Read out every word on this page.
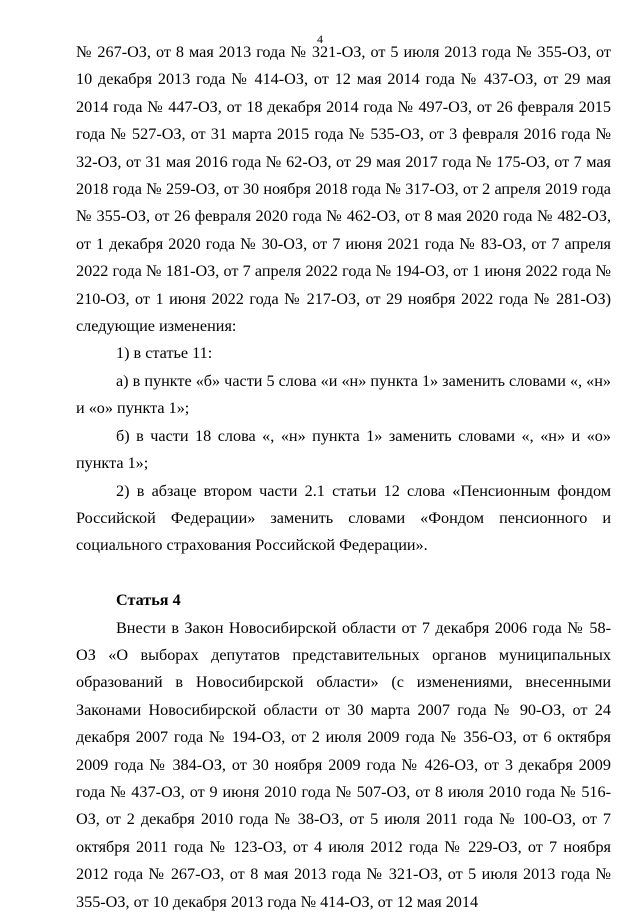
4

№ 267-ОЗ, от 8 мая 2013 года № 321-ОЗ, от 5 июля 2013 года № 355-ОЗ, от 10 декабря 2013 года № 414-ОЗ, от 12 мая 2014 года № 437-ОЗ, от 29 мая 2014 года № 447-ОЗ, от 18 декабря 2014 года № 497-ОЗ, от 26 февраля 2015 года № 527-ОЗ, от 31 марта 2015 года № 535-ОЗ, от 3 февраля 2016 года № 32-ОЗ, от 31 мая 2016 года № 62-ОЗ, от 29 мая 2017 года № 175-ОЗ, от 7 мая 2018 года № 259-ОЗ, от 30 ноября 2018 года № 317-ОЗ, от 2 апреля 2019 года № 355-ОЗ, от 26 февраля 2020 года № 462-ОЗ, от 8 мая 2020 года № 482-ОЗ, от 1 декабря 2020 года № 30-ОЗ, от 7 июня 2021 года № 83-ОЗ, от 7 апреля 2022 года № 181-ОЗ, от 7 апреля 2022 года № 194-ОЗ, от 1 июня 2022 года № 210-ОЗ, от 1 июня 2022 года № 217-ОЗ, от 29 ноября 2022 года № 281-ОЗ) следующие изменения:

1) в статье 11:

а) в пункте «б» части 5 слова «и «н» пункта 1» заменить словами «, «н» и «о» пункта 1»;

б) в части 18 слова «, «н» пункта 1» заменить словами «, «н» и «о» пункта 1»;

2) в абзаце втором части 2.1 статьи 12 слова «Пенсионным фондом Российской Федерации» заменить словами «Фондом пенсионного и социального страхования Российской Федерации».

Статья 4

Внести в Закон Новосибирской области от 7 декабря 2006 года № 58-ОЗ «О выборах депутатов представительных органов муниципальных образований в Новосибирской области» (с изменениями, внесенными Законами Новосибирской области от 30 марта 2007 года № 90-ОЗ, от 24 декабря 2007 года № 194-ОЗ, от 2 июля 2009 года № 356-ОЗ, от 6 октября 2009 года № 384-ОЗ, от 30 ноября 2009 года № 426-ОЗ, от 3 декабря 2009 года № 437-ОЗ, от 9 июня 2010 года № 507-ОЗ, от 8 июля 2010 года № 516-ОЗ, от 2 декабря 2010 года № 38-ОЗ, от 5 июля 2011 года № 100-ОЗ, от 7 октября 2011 года № 123-ОЗ, от 4 июля 2012 года № 229-ОЗ, от 7 ноября 2012 года № 267-ОЗ, от 8 мая 2013 года № 321-ОЗ, от 5 июля 2013 года № 355-ОЗ, от 10 декабря 2013 года № 414-ОЗ, от 12 мая 2014
